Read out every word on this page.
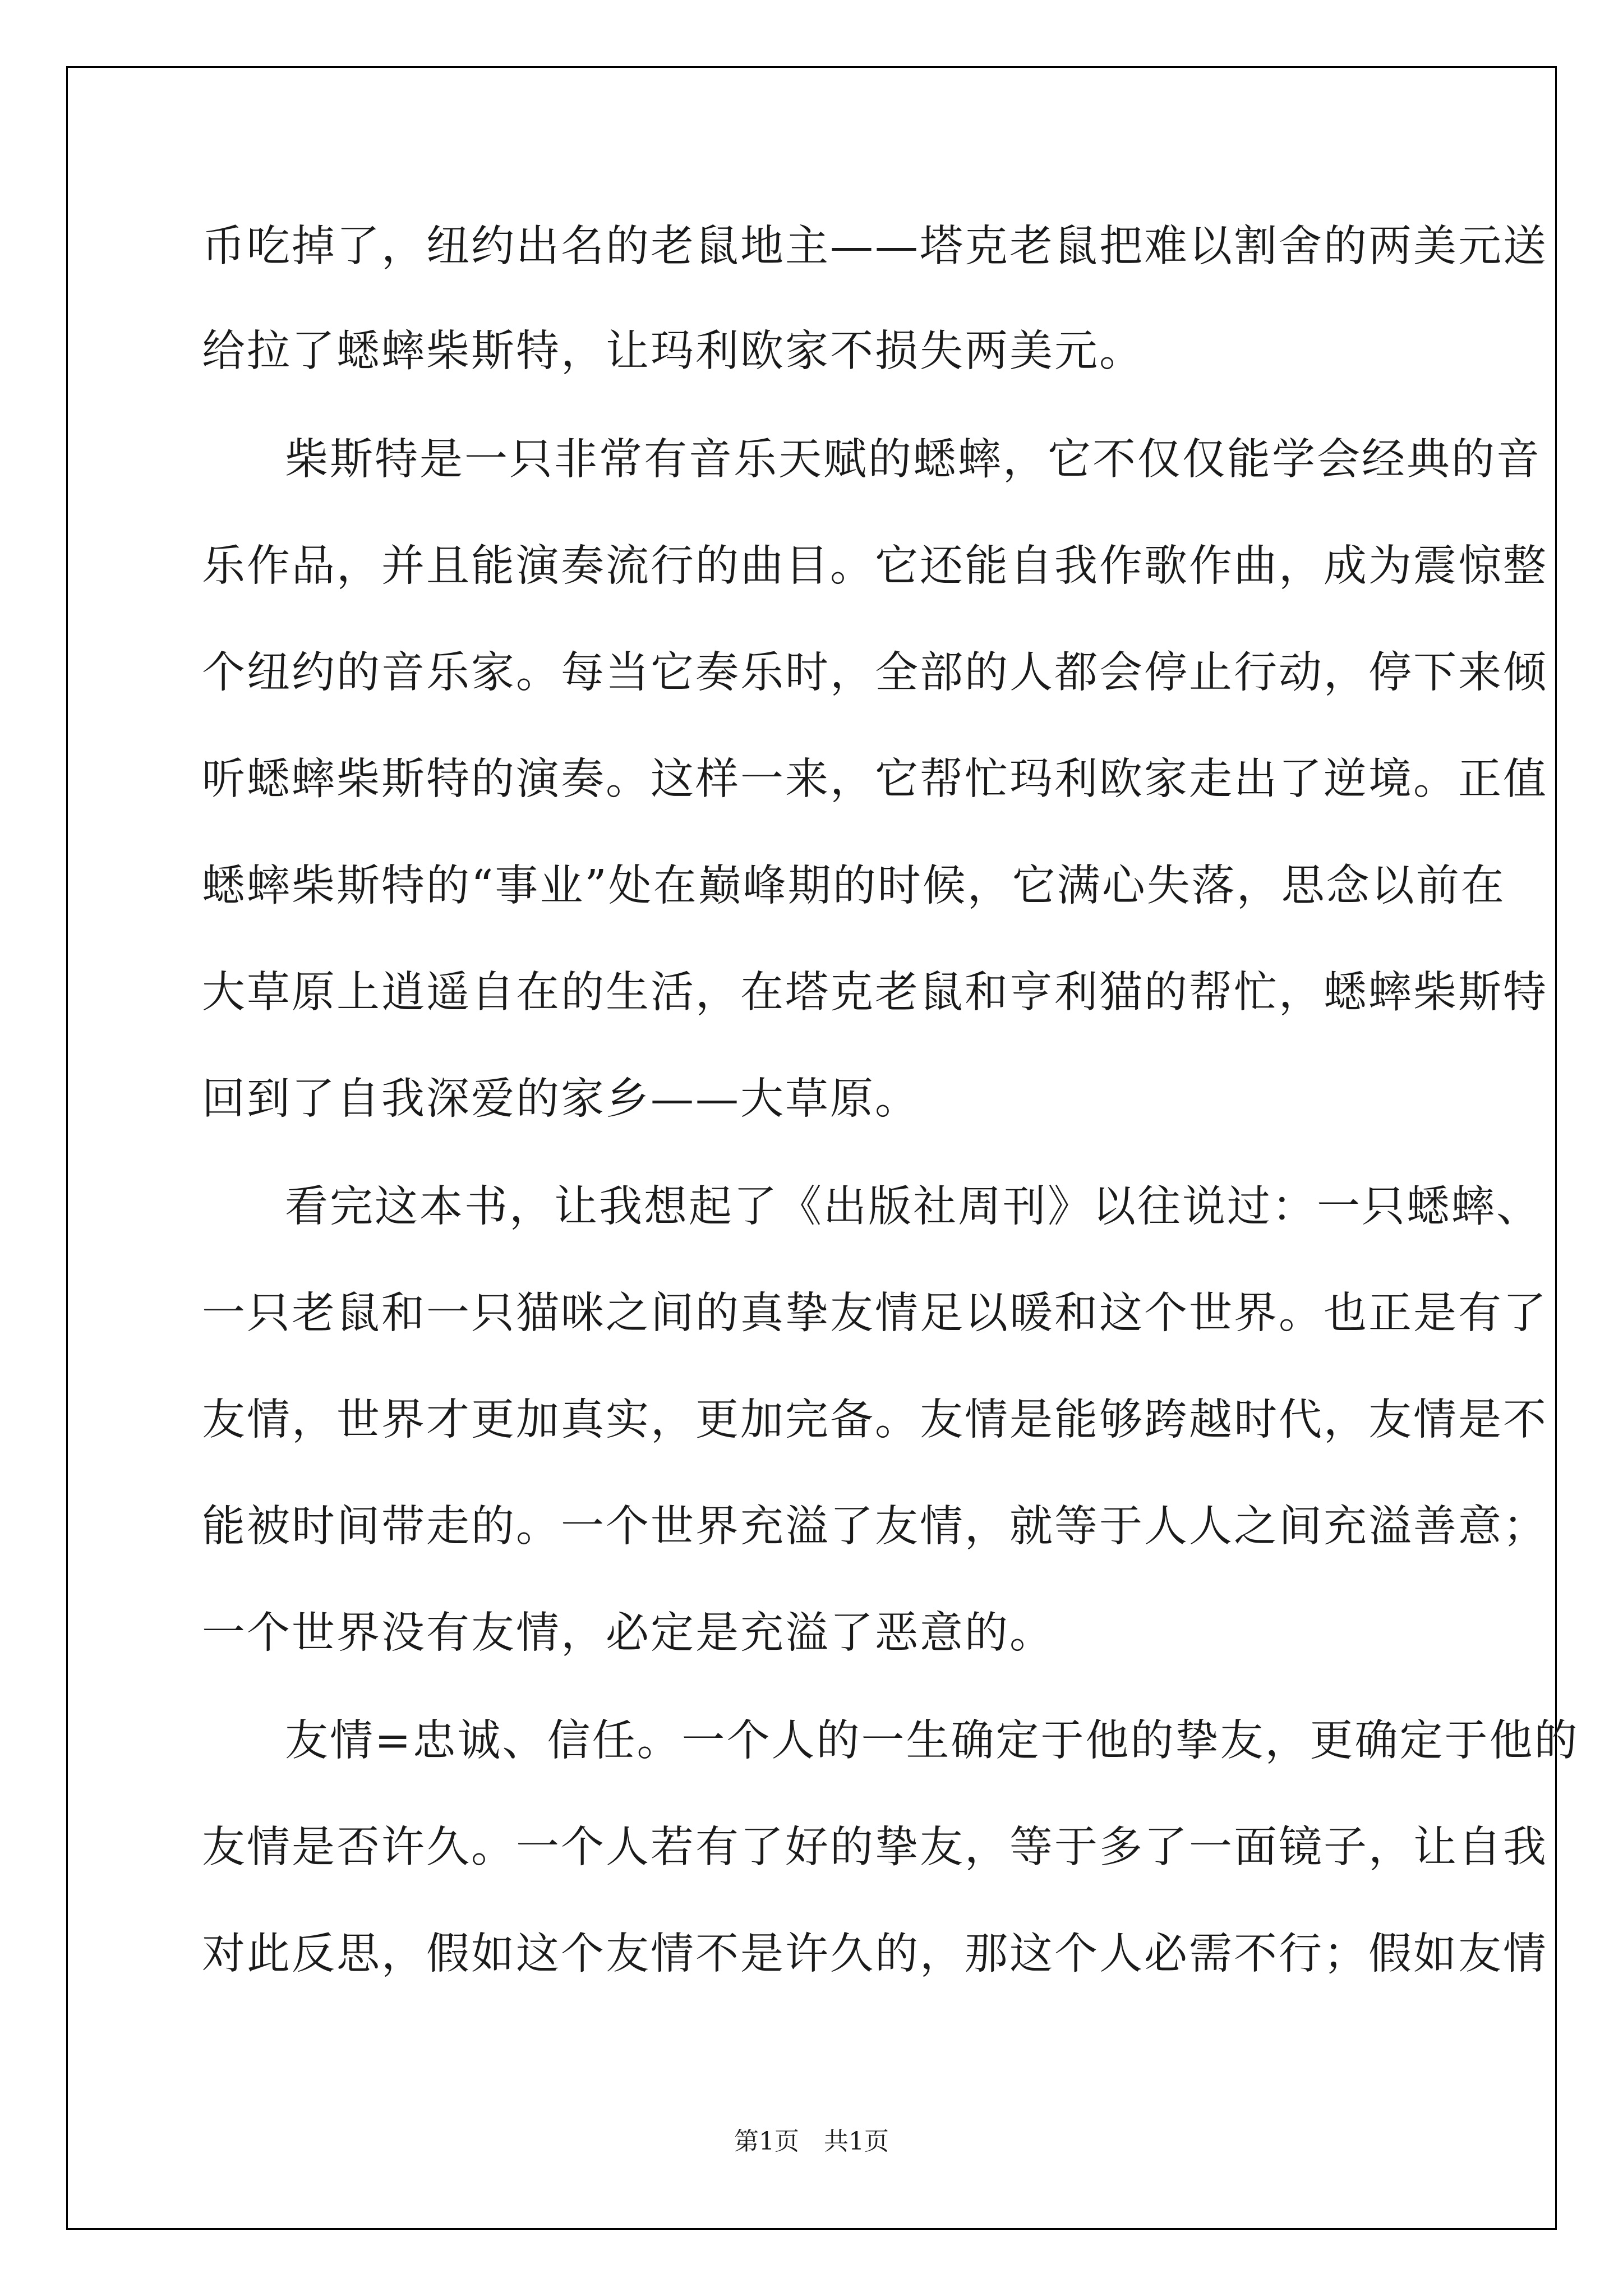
币吃掉了，纽约出名的老鼠地主——塔克老鼠把难以割舍的两美元送
给拉了蟋蟀柴斯特，让玛利欧家不损失两美元。
柴斯特是一只非常有音乐天赋的蟋蟀，它不仅仅能学会经典的音
乐作品，并且能演奏流行的曲目。它还能自我作歌作曲，成为震惊整
个纽约的音乐家。每当它奏乐时，全部的人都会停止行动，停下来倾
听蟋蟀柴斯特的演奏。这样一来，它帮忙玛利欧家走出了逆境。正值
蟋蟀柴斯特的“事业”处在巅峰期的时候，它满心失落，思念以前在
大草原上逍遥自在的生活，在塔克老鼠和亨利猫的帮忙，蟋蟀柴斯特
回到了自我深爱的家乡——大草原。
看完这本书，让我想起了《出版社周刊》以往说过：一只蟋蟀、
一只老鼠和一只猫咪之间的真挚友情足以暖和这个世界。也正是有了
友情，世界才更加真实，更加完备。友情是能够跨越时代，友情是不
能被时间带走的。一个世界充溢了友情，就等于人人之间充溢善意；
一个世界没有友情，必定是充溢了恶意的。
友情=忠诚、信任。一个人的一生确定于他的挚友，更确定于他的
友情是否许久。一个人若有了好的挚友，等于多了一面镜子，让自我
对此反思，假如这个友情不是许久的，那这个人必需不行；假如友情
第1页　共1页
